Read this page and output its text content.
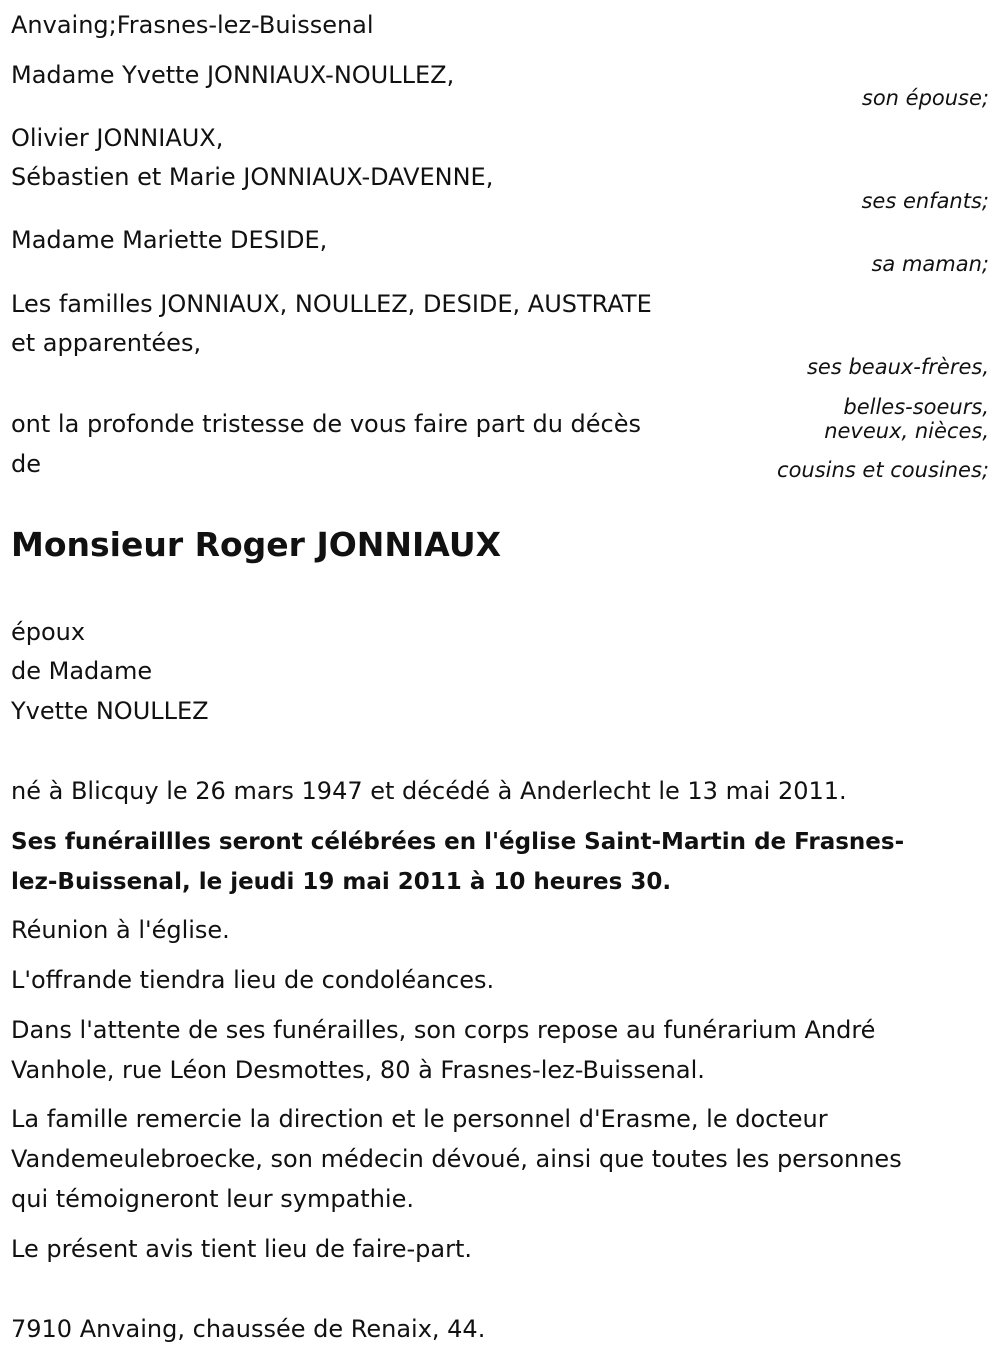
Anvaing;Frasnes-lez-Buissenal

Madame Yvette JONNIAUX-NOULLEZ,

son épouse;

Olivier JONNIAUX,

Sébastien et Marie JONNIAUX-DAVENNE,

ses enfants;

Madame Mariette DESIDE,

sa maman;

Les familles JONNIAUX, NOULLEZ, DESIDE, AUSTRATE

et apparentées,

ses beaux-frères,

belles-soeurs,

neveux, nièces,

cousins et cousines;

ont la profonde tristesse de vous faire part du décès

de

Monsieur Roger JONNIAUX

époux

de Madame

Yvette NOULLEZ

né à Blicquy le 26 mars 1947 et décédé à Anderlecht le 13 mai 2011.

Ses funéraillles seront célébrées en l'église Saint-Martin de Frasnes-

lez-Buissenal, le jeudi 19 mai 2011 à 10 heures 30.

Réunion à l'église.

L'offrande tiendra lieu de condoléances.

Dans l'attente de ses funérailles, son corps repose au funérarium André

Vanhole, rue Léon Desmottes, 80 à Frasnes-lez-Buissenal.

La famille remercie la direction et le personnel d'Erasme, le docteur

Vandemeulebroecke, son médecin dévoué, ainsi que toutes les personnes

qui témoigneront leur sympathie.

Le présent avis tient lieu de faire-part.

7910 Anvaing, chaussée de Renaix, 44.
